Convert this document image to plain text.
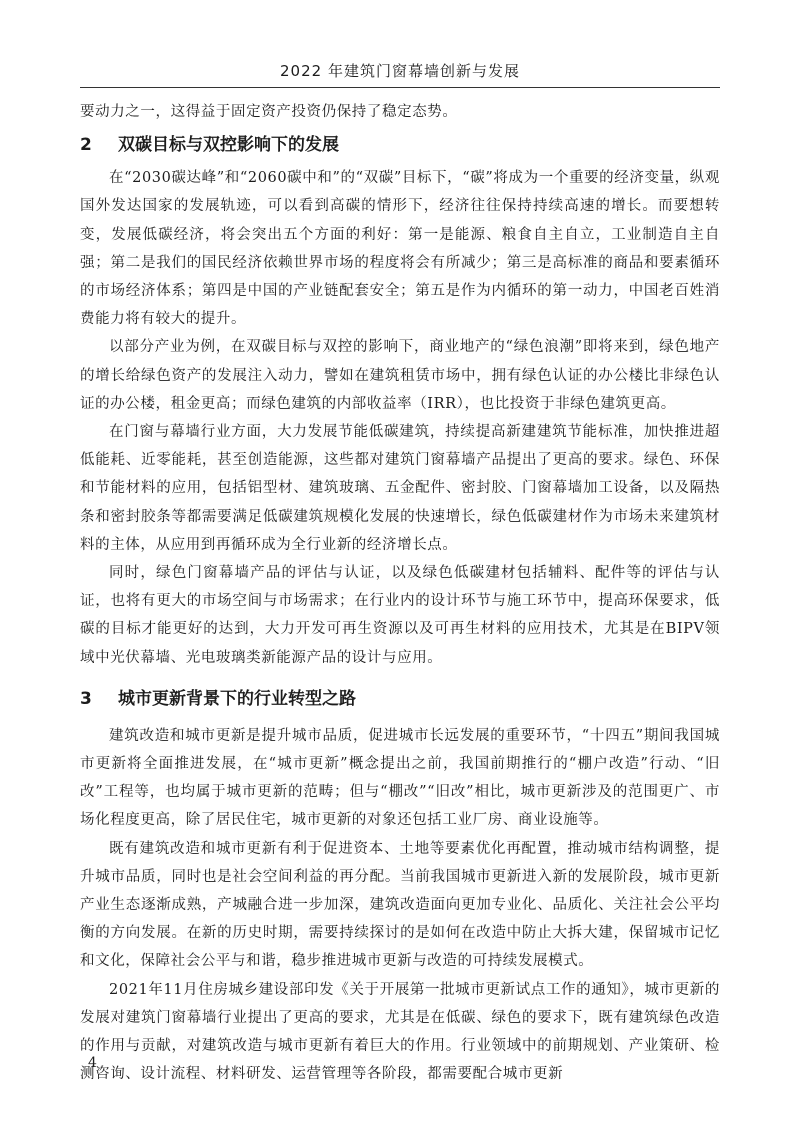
2022 年建筑门窗幕墙创新与发展

要动力之一，这得益于固定资产投资仍保持了稳定态势。

2 双碳目标与双控影响下的发展

在“2030碳达峰”和“2060碳中和”的“双碳”目标下，“碳”将成为一个重要的经济变量，纵观国外发达国家的发展轨迹，可以看到高碳的情形下，经济往往保持持续高速的增长。而要想转变，发展低碳经济，将会突出五个方面的利好：第一是能源、粮食自主自立，工业制造自主自强；第二是我们的国民经济依赖世界市场的程度将会有所减少；第三是高标准的商品和要素循环的市场经济体系；第四是中国的产业链配套安全；第五是作为内循环的第一动力，中国老百姓消费能力将有较大的提升。

以部分产业为例，在双碳目标与双控的影响下，商业地产的“绿色浪潮”即将来到，绿色地产的增长给绿色资产的发展注入动力，譬如在建筑租赁市场中，拥有绿色认证的办公楼比非绿色认证的办公楼，租金更高；而绿色建筑的内部收益率（IRR），也比投资于非绿色建筑更高。

在门窗与幕墙行业方面，大力发展节能低碳建筑，持续提高新建建筑节能标准，加快推进超低能耗、近零能耗，甚至创造能源，这些都对建筑门窗幕墙产品提出了更高的要求。绿色、环保和节能材料的应用，包括铝型材、建筑玻璃、五金配件、密封胶、门窗幕墙加工设备，以及隔热条和密封胶条等都需要满足低碳建筑规模化发展的快速增长，绿色低碳建材作为市场未来建筑材料的主体，从应用到再循环成为全行业新的经济增长点。

同时，绿色门窗幕墙产品的评估与认证，以及绿色低碳建材包括辅料、配件等的评估与认证，也将有更大的市场空间与市场需求；在行业内的设计环节与施工环节中，提高环保要求，低碳的目标才能更好的达到，大力开发可再生资源以及可再生材料的应用技术，尤其是在BIPV领域中光伏幕墙、光电玻璃类新能源产品的设计与应用。

3 城市更新背景下的行业转型之路

建筑改造和城市更新是提升城市品质，促进城市长远发展的重要环节，“十四五”期间我国城市更新将全面推进发展，在“城市更新”概念提出之前，我国前期推行的“棚户改造”行动、“旧改”工程等，也均属于城市更新的范畴；但与“棚改”“旧改”相比，城市更新涉及的范围更广、市场化程度更高，除了居民住宅，城市更新的对象还包括工业厂房、商业设施等。

既有建筑改造和城市更新有利于促进资本、土地等要素优化再配置，推动城市结构调整，提升城市品质，同时也是社会空间利益的再分配。当前我国城市更新进入新的发展阶段，城市更新产业生态逐渐成熟，产城融合进一步加深，建筑改造面向更加专业化、品质化、关注社会公平均衡的方向发展。在新的历史时期，需要持续探讨的是如何在改造中防止大拆大建，保留城市记忆和文化，保障社会公平与和谐，稳步推进城市更新与改造的可持续发展模式。

2021年11月住房城乡建设部印发《关于开展第一批城市更新试点工作的通知》，城市更新的发展对建筑门窗幕墙行业提出了更高的要求，尤其是在低碳、绿色的要求下，既有建筑绿色改造的作用与贡献，对建筑改造与城市更新有着巨大的作用。行业领域中的前期规划、产业策研、检测咨询、设计流程、材料研发、运营管理等各阶段，都需要配合城市更新

4
